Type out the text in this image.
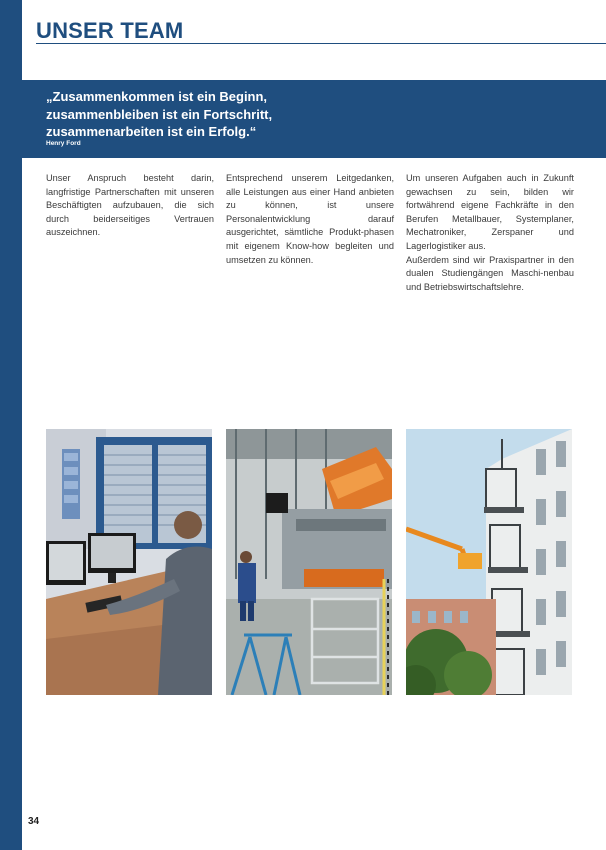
UNSER TEAM

„Zusammenkommen ist ein Beginn,
zusammenbleiben ist ein Fortschritt,
zusammenarbeiten ist ein Erfolg.“

Henry Ford

Unser Anspruch besteht darin, langfristige Partnerschaften mit unseren Beschäftigten aufzubauen, die sich durch beiderseitiges Vertrauen auszeichnen.

Entsprechend unserem Leitgedanken, alle Leistungen aus einer Hand anbieten zu können, ist unsere Personalentwicklung darauf ausgerichtet, sämtliche Produkt-phasen mit eigenem Know-how begleiten und umsetzen zu können.

Um unseren Aufgaben auch in Zukunft gewachsen zu sein, bilden wir fortwährend eigene Fachkräfte in den Berufen Metallbauer, Systemplaner, Mechatroniker, Zerspaner und Lagerlogistiker aus.

Außerdem sind wir Praxispartner in den dualen Studiengängen Maschi-nenbau und Betriebswirtschaftslehre.

34
